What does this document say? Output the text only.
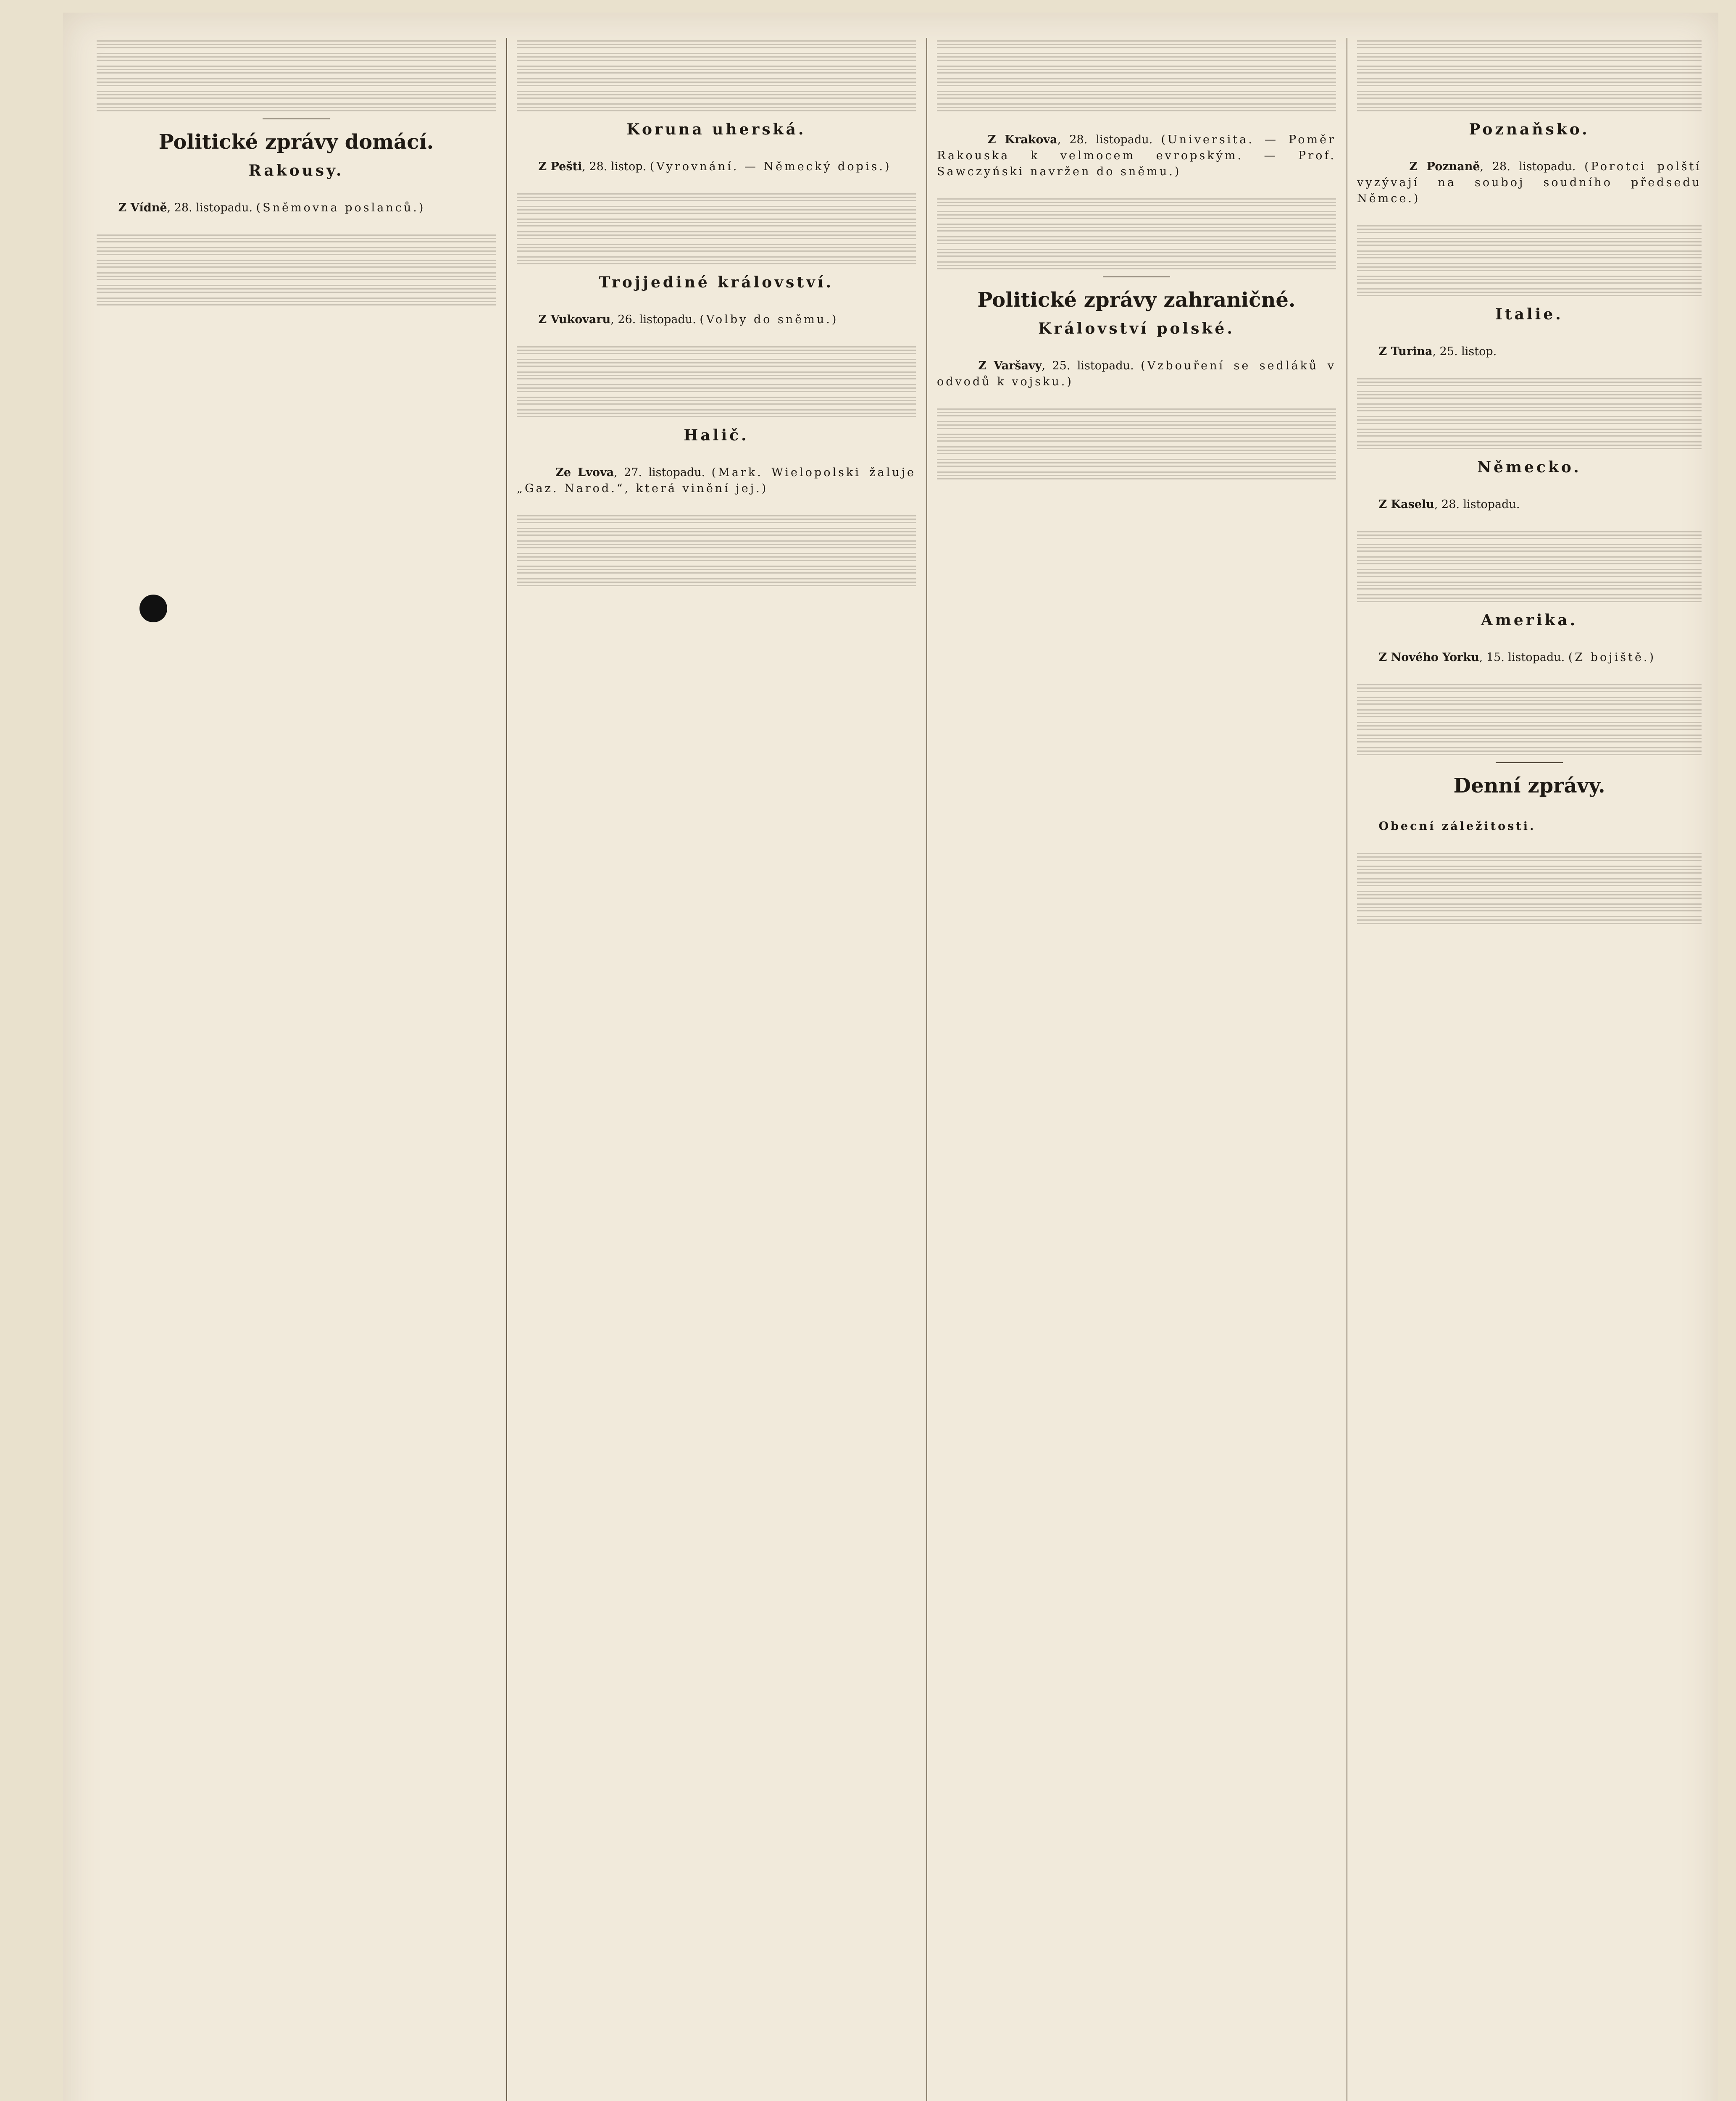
Politické zprávy domácí.
Rakousy.

Z Vídně, 28. listopadu. (Sněmovna poslanců.)

Koruna uherská.

Z Pešti, 28. listop. (Vyrovnání. — Německý dopis.)

Trojjediné království.

Z Vukovaru, 26. listopadu. (Volby do sněmu.)

Halič.

Ze Lvova, 27. listopadu. (Mark. Wielopolski žaluje „Gaz. Narod.“, která vinění jej.)

Z Krakova, 28. listopadu. (Universita. — Poměr Rakouska k velmocem evropským. — Prof. Sawczyński navržen do sněmu.)

Politické zprávy zahraničné.
Království polské.

Z Varšavy, 25. listopadu. (Vzbouření se sedláků v odvodů k vojsku.)

Poznaňsko.

Z Poznaně, 28. listopadu. (Porotci polští vyzývají na souboj soudního předsedu Němce.)

Italie.

Z Turina, 25. listop.

Německo.

Z Kaselu, 28. listopadu.

Amerika.

Z Nového Yorku, 15. listopadu. (Z bojiště.)

Denní zprávy.

Obecní záležitosti.
